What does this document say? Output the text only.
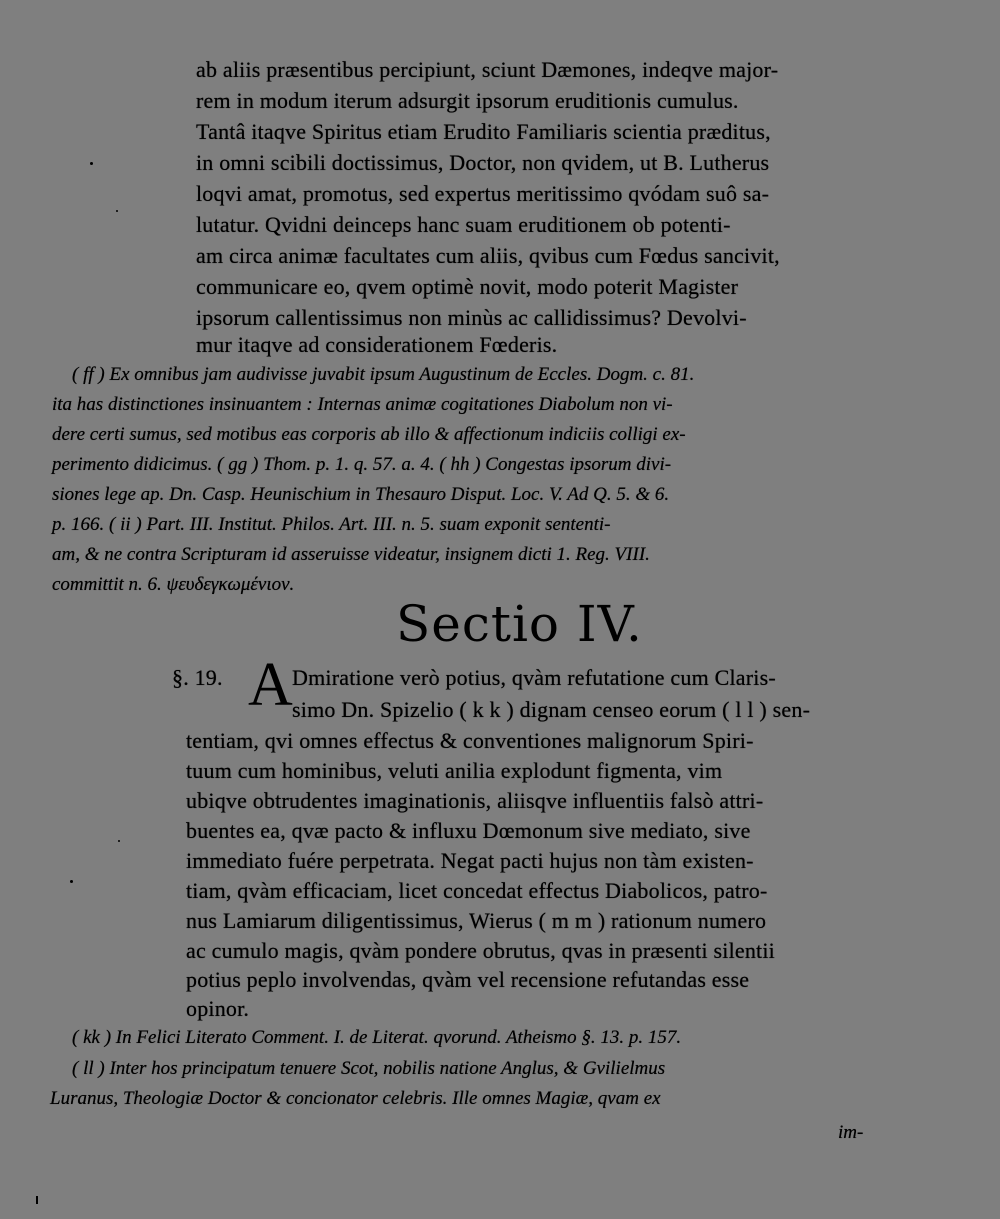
ab aliis præsentibus percipiunt, sciunt Dæmones, indeqve major-
rem in modum iterum adsurgit ipsorum eruditionis cumulus.
Tantâ itaqve Spiritus etiam Erudito Familiaris scientia præditus,
in omni scibili doctissimus, Doctor, non qvidem, ut B. Lutherus
loqvi amat, promotus, sed expertus meritissimo qvódam suô sa-
lutatur. Qvidni deinceps hanc suam eruditionem ob potenti-
am circa animæ facultates cum aliis, qvibus cum Fœdus sancivit,
communicare eo, qvem optimè novit, modo poterit Magister
ipsorum callentissimus non minùs ac callidissimus? Devolvi-
mur itaqve ad considerationem Fœderis.
( ff ) Ex omnibus jam audivisse juvabit ipsum Augustinum de Eccles. Dogm. c. 81.
ita has distinctiones insinuantem : Internas animæ cogitationes Diabolum non vi-
dere certi sumus, sed motibus eas corporis ab illo & affectionum indiciis colligi ex-
perimento didicimus. ( gg ) Thom. p. 1. q. 57. a. 4. ( hh ) Congestas ipsorum divi-
siones lege ap. Dn. Casp. Heunischium in Thesauro Disput. Loc. V. Ad Q. 5. & 6.
p. 166. ( ii ) Part. III. Institut. Philos. Art. III. n. 5. suam exponit sententi-
am, & ne contra Scripturam id asseruisse videatur, insignem dicti 1. Reg. VIII.
committit n. 6. ψευδεγκωμένιον.
Sectio IV.
§. 19. A Dmiratione verò potius, qvàm refutatione cum Claris-
simo Dn. Spizelio ( k k ) dignam censeo eorum ( l l ) sen-
tentiam, qvi omnes effectus & conventiones malignorum Spiri-
tuum cum hominibus, veluti anilia explodunt figmenta, vim
ubiqve obtrudentes imaginationis, aliisqve influentiis falsò attri-
buentes ea, qvæ pacto & influxu Dœmonum sive mediato, sive
immediato fuére perpetrata. Negat pacti hujus non tàm existen-
tiam, qvàm efficaciam, licet concedat effectus Diabolicos, patro-
nus Lamiarum diligentissimus, Wierus ( m m ) rationum numero
ac cumulo magis, qvàm pondere obrutus, qvas in præsenti silentii
potius peplo involvendas, qvàm vel recensione refutandas esse
opinor.
( kk ) In Felici Literato Comment. I. de Literat. qvorund. Atheismo §. 13. p. 157.
( ll ) Inter hos principatum tenuere Scot, nobilis natione Anglus, & Gvilielmus
Luranus, Theologiæ Doctor & concionator celebris. Ille omnes Magiæ, qvam ex
im-
